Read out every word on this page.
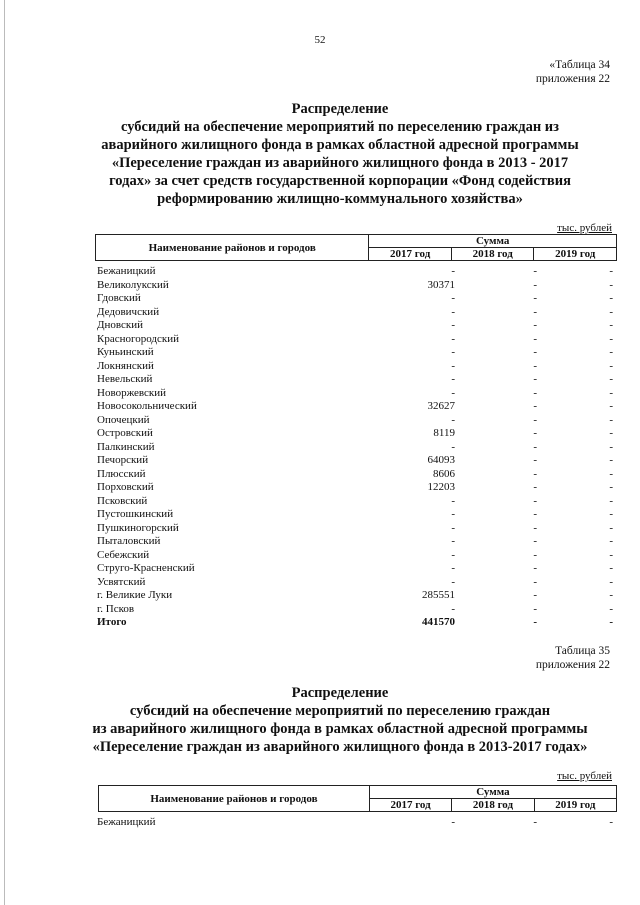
52
«Таблица 34
приложения 22
Распределение
субсидий на обеспечение мероприятий по переселению граждан из
аварийного жилищного фонда в рамках областной адресной программы
«Переселение граждан из аварийного жилищного фонда в 2013 - 2017
годах» за счет средств государственной корпорации «Фонд содействия
реформированию жилищно-коммунального хозяйства»
тыс. рублей
Наименование районов и городов	Сумма		
	2017 год	2018 год	2019 год
Бежаницкий	-	-	-
Великолукский	30371	-	-
Гдовский	-	-	-
Дедовичский	-	-	-
Дновский	-	-	-
Красногородский	-	-	-
Куньинский	-	-	-
Локнянский	-	-	-
Невельский	-	-	-
Новоржевский	-	-	-
Новосокольнический	32627	-	-
Опочецкий	-	-	-
Островский	8119	-	-
Палкинский	-	-	-
Печорский	64093	-	-
Плюсский	8606	-	-
Порховский	12203	-	-
Псковский	-	-	-
Пустошкинский	-	-	-
Пушкиногорский	-	-	-
Пыталовский	-	-	-
Себежский	-	-	-
Струго-Красненский	-	-	-
Усвятский	-	-	-
г. Великие Луки	285551	-	-
г. Псков	-	-	-
Итого	441570	-	-
Таблица 35
приложения 22
Распределение
субсидий на обеспечение мероприятий по переселению граждан
из аварийного жилищного фонда в рамках областной адресной программы
«Переселение граждан из аварийного жилищного фонда в 2013-2017 годах»
тыс. рублей
Наименование районов и городов	Сумма		
	2017 год	2018 год	2019 год
Бежаницкий	-	-	-
